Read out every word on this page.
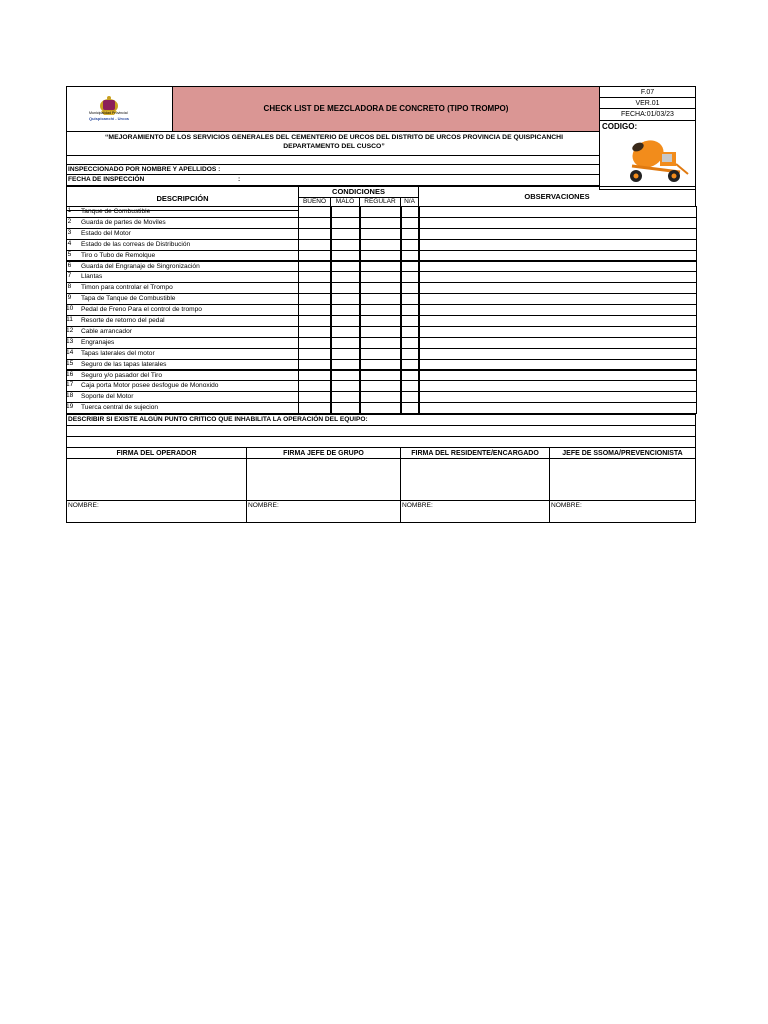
Municipalidad Provincial
Quispicanchi - Urcos
CHECK LIST DE MEZCLADORA DE CONCRETO (TIPO TROMPO)
F.07
VER.01
FECHA:01/03/23
CODIGO:
“MEJORAMIENTO DE LOS SERVICIOS GENERALES DEL CEMENTERIO DE URCOS DEL DISTRITO DE URCOS PROVINCIA DE QUISPICANCHI
DEPARTAMENTO DEL CUSCO”
INSPECCIONADO POR NOMBRE Y APELLIDOS :
FECHA DE INSPECCIÓN	:
DESCRIPCIÓN
CONDICIONES
BUENO	MALO	REGULAR	N/A
OBSERVACIONES
1	Tanque de Combustible
2	Guarda de partes de Moviles
3	Estado del Motor
4	Estado de las correas de Distribución
5	Tiro o Tubo de Remolque
6	Guarda del Engranaje de Singronización
7	Llantas
8	Timon para controlar el Trompo
9	Tapa de Tanque de Combustible
10	Pedal de Freno Para el control de trompo
11	Resorte de retorno del pedal
12	Cable arrancador
13	Engranajes
14	Tapas laterales del motor
15	Seguro de las tapas laterales
16	Seguro y/o pasador del Tiro
17	Caja porta Motor posee desfogue de Monoxido
18	Soporte del Motor
19	Tuerca central de sujecion
DESCRIBIR SI EXISTE ALGÚN PUNTO CRITICO QUE INHABILITA LA OPERACIÓN DEL EQUIPO:
FIRMA DEL OPERADOR
NOMBRE:
FIRMA JEFE DE GRUPO
NOMBRE:
FIRMA DEL RESIDENTE/ENCARGADO
NOMBRE:
JEFE DE SSOMA/PREVENCIONISTA
NOMBRE:
